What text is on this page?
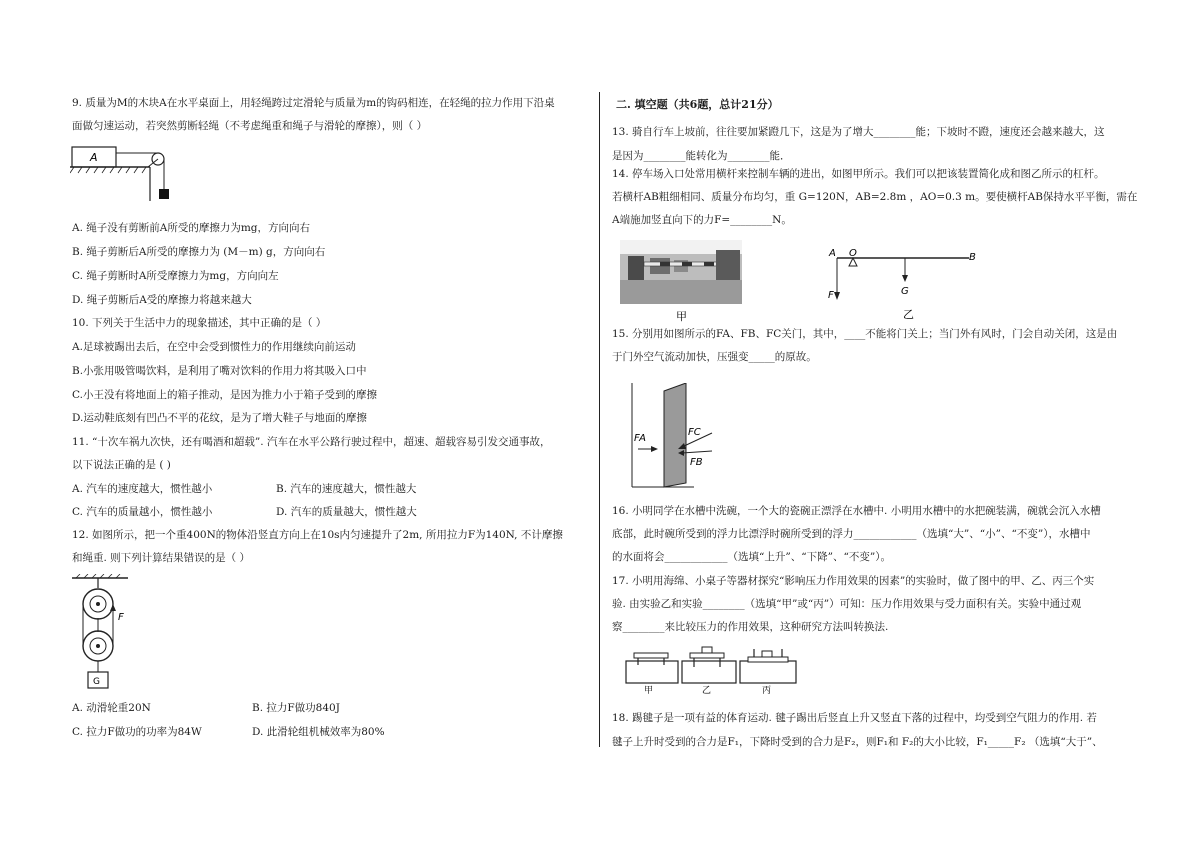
9. 质量为M的木块A在水平桌面上，用轻绳跨过定滑轮与质量为m的钩码相连，在轻绳的拉力作用下沿桌
面做匀速运动，若突然剪断轻绳（不考虑绳重和绳子与滑轮的摩擦），则（ ）
A
A. 绳子没有剪断前A所受的摩擦力为mg，方向向右
B. 绳子剪断后A所受的摩擦力为 (M－m) g，方向向右
C. 绳子剪断时A所受摩擦力为mg，方向向左
D. 绳子剪断后A受的摩擦力将越来越大
10. 下列关于生活中力的现象描述，其中正确的是（ ）
A.足球被踢出去后，在空中会受到惯性力的作用继续向前运动
B.小张用吸管喝饮料，是利用了嘴对饮料的作用力将其吸入口中
C.小王没有将地面上的箱子推动，是因为推力小于箱子受到的摩擦
D.运动鞋底刻有凹凸不平的花纹，是为了增大鞋子与地面的摩擦
11. “十次车祸九次快，还有喝酒和超载”. 汽车在水平公路行驶过程中，超速、超载容易引发交通事故，
以下说法正确的是 ( )
A. 汽车的速度越大，惯性越小	B. 汽车的速度越大，惯性越大
C. 汽车的质量越小，惯性越小	D. 汽车的质量越大，惯性越大
12. 如图所示，把一个重400N的物体沿竖直方向上在10s内匀速提升了2m, 所用拉力F为140N, 不计摩擦
和绳重. 则下列计算结果错误的是（ ）
F
G
A. 动滑轮重20N	B. 拉力F做功840J
C. 拉力F做功的功率为84W	D. 此滑轮组机械效率为80%
二. 填空题（共6题，总计21分）
13. 骑自行车上坡前，往往要加紧蹬几下，这是为了增大________能；下坡时不蹬，速度还会越来越大，这
是因为________能转化为________能．
14. 停车场入口处常用横杆来控制车辆的进出，如图甲所示。我们可以把该装置简化成和图乙所示的杠杆。
若横杆AB粗细相同、质量分布均匀，重 G=120N，AB=2.8m ，AO=0.3 m。要使横杆AB保持水平平衡，需在
A端施加竖直向下的力F=________N。
甲
A O	B
F	G
乙
15. 分别用如图所示的FA、FB、FC关门，其中，____不能将门关上；当门外有风时，门会自动关闭，这是由
于门外空气流动加快，压强变_____的原故。
FA
FC
FB
16. 小明同学在水槽中洗碗，一个大的瓷碗正漂浮在水槽中. 小明用水槽中的水把碗装满，碗就会沉入水槽
底部，此时碗所受到的浮力比漂浮时碗所受到的浮力____________（选填“大”、“小”、“不变”），水槽中
的水面将会____________（选填“上升”、“下降”、“不变”）。
17. 小明用海绵、小桌子等器材探究“影响压力作用效果的因素”的实验时，做了图中的甲、乙、丙三个实
验. 由实验乙和实验________（选填“甲”或“丙”）可知：压力作用效果与受力面积有关。实验中通过观
察________来比较压力的作用效果，这种研究方法叫转换法.
甲	乙	丙
18. 踢毽子是一项有益的体育运动. 毽子踢出后竖直上升又竖直下落的过程中，均受到空气阻力的作用. 若
毽子上升时受到的合力是F₁，下降时受到的合力是F₂，则F₁和 F₂的大小比较，F₁_____F₂ （选填“大于”、
